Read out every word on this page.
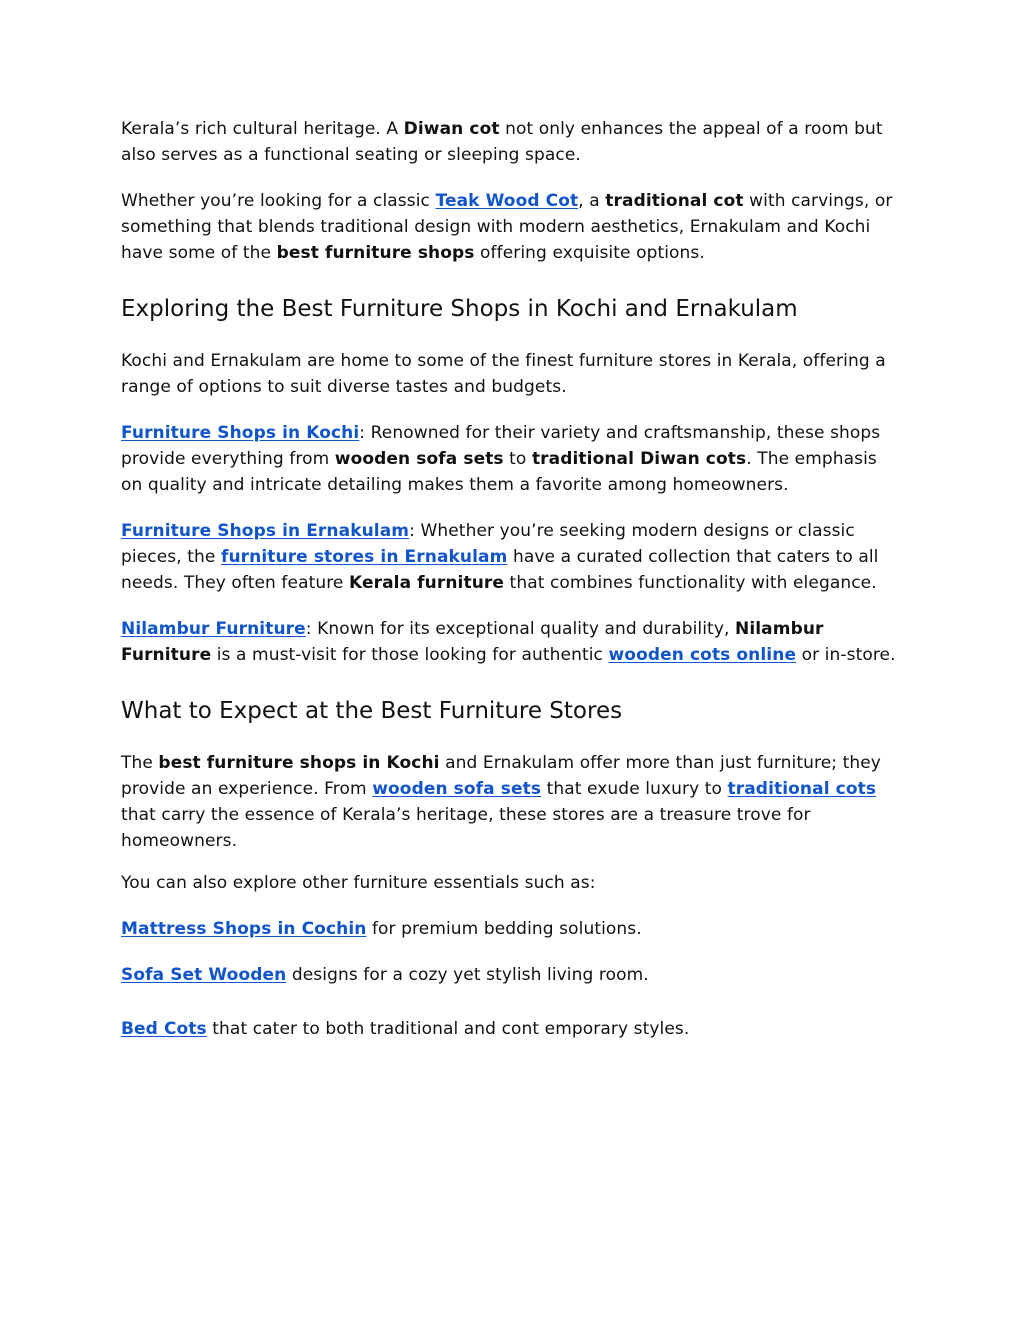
Kerala’s rich cultural heritage. A Diwan cot not only enhances the appeal of a room but also serves as a functional seating or sleeping space.

Whether you’re looking for a classic Teak Wood Cot, a traditional cot with carvings, or something that blends traditional design with modern aesthetics, Ernakulam and Kochi have some of the best furniture shops offering exquisite options.

Exploring the Best Furniture Shops in Kochi and Ernakulam

Kochi and Ernakulam are home to some of the finest furniture stores in Kerala, offering a range of options to suit diverse tastes and budgets.

Furniture Shops in Kochi: Renowned for their variety and craftsmanship, these shops provide everything from wooden sofa sets to traditional Diwan cots. The emphasis on quality and intricate detailing makes them a favorite among homeowners.

Furniture Shops in Ernakulam: Whether you’re seeking modern designs or classic pieces, the furniture stores in Ernakulam have a curated collection that caters to all needs. They often feature Kerala furniture that combines functionality with elegance.

Nilambur Furniture: Known for its exceptional quality and durability, Nilambur Furniture is a must-visit for those looking for authentic wooden cots online or in-store.

What to Expect at the Best Furniture Stores

The best furniture shops in Kochi and Ernakulam offer more than just furniture; they provide an experience. From wooden sofa sets that exude luxury to traditional cots that carry the essence of Kerala’s heritage, these stores are a treasure trove for homeowners.

You can also explore other furniture essentials such as:

Mattress Shops in Cochin for premium bedding solutions.

Sofa Set Wooden designs for a cozy yet stylish living room.

Bed Cots that cater to both traditional and cont emporary styles.
